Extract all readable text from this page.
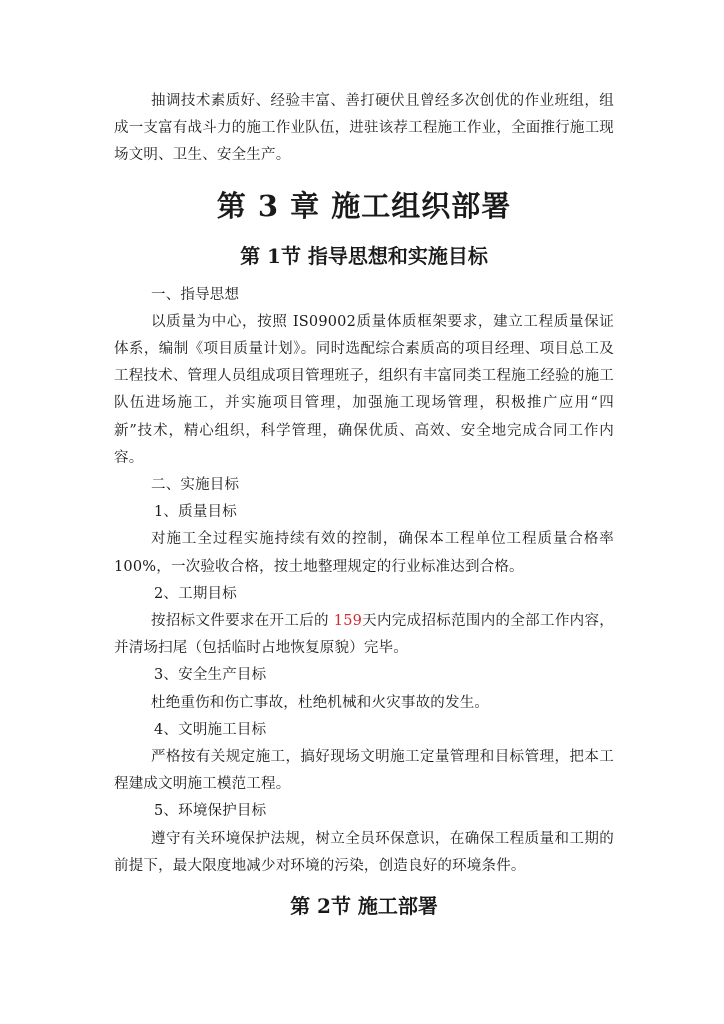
抽调技术素质好、经验丰富、善打硬伏且曾经多次创优的作业班组，组成一支富有战斗力的施工作业队伍，进驻该荐工程施工作业，全面推行施工现场文明、卫生、安全生产。

第 3 章 施工组织部署
第 1节 指导思想和实施目标

一、指导思想

以质量为中心，按照 IS09002质量体质框架要求，建立工程质量保证体系，编制《项目质量计划》。同时选配综合素质高的项目经理、项目总工及工程技术、管理人员组成项目管理班子，组织有丰富同类工程施工经验的施工队伍进场施工，并实施项目管理，加强施工现场管理，积极推广应用“四新”技术，精心组织，科学管理，确保优质、高效、安全地完成合同工作内容。

二、实施目标

1、质量目标

对施工全过程实施持续有效的控制，确保本工程单位工程质量合格率100%，一次验收合格，按土地整理规定的行业标准达到合格。

2、工期目标

按招标文件要求在开工后的 159天内完成招标范围内的全部工作内容，并清场扫尾（包括临时占地恢复原貌）完毕。

3、安全生产目标

杜绝重伤和伤亡事故，杜绝机械和火灾事故的发生。

4、文明施工目标

严格按有关规定施工，搞好现场文明施工定量管理和目标管理，把本工程建成文明施工模范工程。

5、环境保护目标

遵守有关环境保护法规，树立全员环保意识，在确保工程质量和工期的前提下，最大限度地减少对环境的污染，创造良好的环境条件。

第 2节 施工部署
